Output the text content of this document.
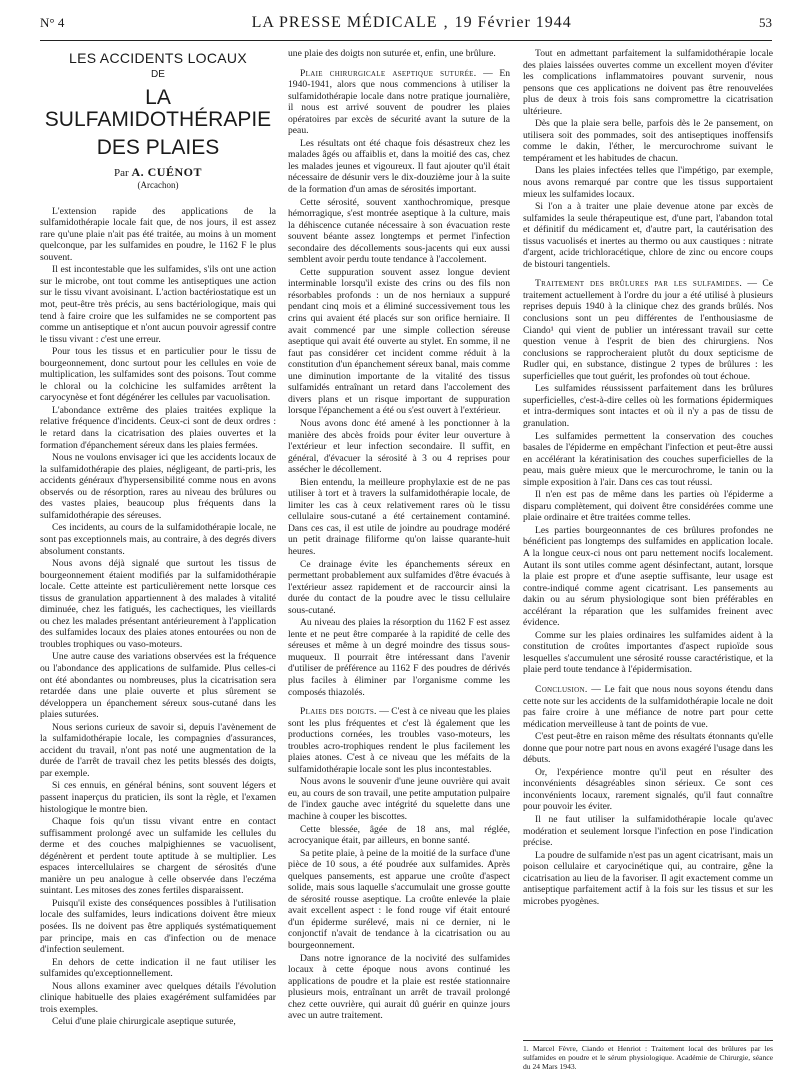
N° 4	LA PRESSE MÉDICALE , 19 Février 1944	53
LES ACCIDENTS LOCAUX
DE
LA SULFAMIDOTHÉRAPIE
DES PLAIES
Par A. CUÉNOT
(Arcachon)

L'extension rapide des applications de la sulfamidothérapie locale fait que, de nos jours, il est assez rare qu'une plaie n'ait pas été traitée, au moins à un moment quelconque, par les sulfamides en poudre, le 1162 F le plus souvent.

Il est incontestable que les sulfamides, s'ils ont une action sur le microbe, ont tout comme les antiseptiques une action sur le tissu vivant avoisinant. L'action bactériostatique est un mot, peut-être très précis, au sens bactériologique, mais qui tend à faire croire que les sulfamides ne se comportent pas comme un antiseptique et n'ont aucun pouvoir agressif contre le tissu vivant : c'est une erreur.

Pour tous les tissus et en particulier pour le tissu de bourgeonnement, donc surtout pour les cellules en voie de multiplication, les sulfamides sont des poisons. Tout comme le chloral ou la colchicine les sulfamides arrêtent la caryocynèse et font dégénérer les cellules par vacuolisation.

L'abondance extrême des plaies traitées explique la relative fréquence d'incidents. Ceux-ci sont de deux ordres : le retard dans la cicatrisation des plaies ouvertes et la formation d'épanchement séreux dans les plaies fermées.

Nous ne voulons envisager ici que les accidents locaux de la sulfamidothérapie des plaies, négligeant, de parti-pris, les accidents généraux d'hypersensibilité comme nous en avons observés ou de résorption, rares au niveau des brûlures ou des vastes plaies, beaucoup plus fréquents dans la sulfamidothérapie des séreuses.

Ces incidents, au cours de la sulfamidothérapie locale, ne sont pas exceptionnels mais, au contraire, à des degrés divers absolument constants.

Nous avons déjà signalé que surtout les tissus de bourgeonnement étaient modifiés par la sulfamidothérapie locale. Cette atteinte est particulièrement nette lorsque ces tissus de granulation appartiennent à des malades à vitalité diminuée, chez les fatigués, les cachectiques, les vieillards ou chez les malades présentant antérieurement à l'application des sulfamides locaux des plaies atones entourées ou non de troubles trophiques ou vaso-moteurs.

Une autre cause des variations observées est la fréquence ou l'abondance des applications de sulfamide. Plus celles-ci ont été abondantes ou nombreuses, plus la cicatrisation sera retardée dans une plaie ouverte et plus sûrement se développera un épanchement séreux sous-cutané dans les plaies suturées.

Nous serions curieux de savoir si, depuis l'avènement de la sulfamidothérapie locale, les compagnies d'assurances, accident du travail, n'ont pas noté une augmentation de la durée de l'arrêt de travail chez les petits blessés des doigts, par exemple.

Si ces ennuis, en général bénins, sont souvent légers et passent inaperçus du praticien, ils sont la règle, et l'examen histologique le montre bien.

Chaque fois qu'un tissu vivant entre en contact suffisamment prolongé avec un sulfamide les cellules du derme et des couches malpighiennes se vacuolisent, dégénèrent et perdent toute aptitude à se multiplier. Les espaces intercellulaires se chargent de sérosités d'une manière un peu analogue à celle observée dans l'eczéma suintant. Les mitoses des zones fertiles disparaissent.

Puisqu'il existe des conséquences possibles à l'utilisation locale des sulfamides, leurs indications doivent être mieux posées. Ils ne doivent pas être appliqués systématiquement par principe, mais en cas d'infection ou de menace d'infection seulement.

En dehors de cette indication il ne faut utiliser les sulfamides qu'exceptionnellement.

Nous allons examiner avec quelques détails l'évolution clinique habituelle des plaies exagérément sulfamidées par trois exemples.

Celui d'une plaie chirurgicale aseptique suturée,

une plaie des doigts non suturée et, enfin, une brûlure.

Plaie chirurgicale aseptique suturée. — En 1940-1941, alors que nous commencions à utiliser la sulfamidothérapie locale dans notre pratique journalière, il nous est arrivé souvent de poudrer les plaies opératoires par excès de sécurité avant la suture de la peau.

Les résultats ont été chaque fois désastreux chez les malades âgés ou affaiblis et, dans la moitié des cas, chez les malades jeunes et vigoureux. Il faut ajouter qu'il était nécessaire de désunir vers le dix-douzième jour à la suite de la formation d'un amas de sérosités important.

Cette sérosité, souvent xanthochromique, presque hémorragique, s'est montrée aseptique à la culture, mais la déhiscence cutanée nécessaire à son évacuation reste souvent béante assez longtemps et permet l'infection secondaire des décollements sous-jacents qui eux aussi semblent avoir perdu toute tendance à l'accolement.

Cette suppuration souvent assez longue devient interminable lorsqu'il existe des crins ou des fils non résorbables profonds : un de nos herniaux a suppuré pendant cinq mois et a éliminé successivement tous les crins qui avaient été placés sur son orifice herniaire. Il avait commencé par une simple collection séreuse aseptique qui avait été ouverte au stylet. En somme, il ne faut pas considérer cet incident comme réduit à la constitution d'un épanchement séreux banal, mais comme une diminution importante de la vitalité des tissus sulfamidés entraînant un retard dans l'accolement des divers plans et un risque important de suppuration lorsque l'épanchement a été ou s'est ouvert à l'extérieur.

Nous avons donc été amené à les ponctionner à la manière des abcès froids pour éviter leur ouverture à l'extérieur et leur infection secondaire. Il suffit, en général, d'évacuer la sérosité à 3 ou 4 reprises pour assécher le décollement.

Bien entendu, la meilleure prophylaxie est de ne pas utiliser à tort et à travers la sulfamidothérapie locale, de limiter les cas à ceux relativement rares où le tissu cellulaire sous-cutané a été certainement contaminé. Dans ces cas, il est utile de joindre au poudrage modéré un petit drainage filiforme qu'on laisse quarante-huit heures.

Ce drainage évite les épanchements séreux en permettant probablement aux sulfamides d'être évacués à l'extérieur assez rapidement et de raccourcir ainsi la durée du contact de la poudre avec le tissu cellulaire sous-cutané.

Au niveau des plaies la résorption du 1162 F est assez lente et ne peut être comparée à la rapidité de celle des séreuses et même à un degré moindre des tissus sous-muqueux. Il pourrait être intéressant dans l'avenir d'utiliser de préférence au 1162 F des poudres de dérivés plus faciles à éliminer par l'organisme comme les composés thiazolés.

Plaies des doigts. — C'est à ce niveau que les plaies sont les plus fréquentes et c'est là également que les productions cornées, les troubles vaso-moteurs, les troubles acro-trophiques rendent le plus facilement les plaies atones. C'est à ce niveau que les méfaits de la sulfamidothérapie locale sont les plus incontestables.

Nous avons le souvenir d'une jeune ouvrière qui avait eu, au cours de son travail, une petite amputation pulpaire de l'index gauche avec intégrité du squelette dans une machine à couper les biscottes.

Cette blessée, âgée de 18 ans, mal réglée, acrocyanique était, par ailleurs, en bonne santé.

Sa petite plaie, à peine de la moitié de la surface d'une pièce de 10 sous, a été poudrée aux sulfamides. Après quelques pansements, est apparue une croûte d'aspect solide, mais sous laquelle s'accumulait une grosse goutte de sérosité rousse aseptique. La croûte enlevée la plaie avait excellent aspect : le fond rouge vif était entouré d'un épiderme surélevé, mais ni ce dernier, ni le conjonctif n'avait de tendance à la cicatrisation ou au bourgeonnement.

Dans notre ignorance de la nocivité des sulfamides locaux à cette époque nous avons continué les applications de poudre et la plaie est restée stationnaire plusieurs mois, entraînant un arrêt de travail prolongé chez cette ouvrière, qui aurait dû guérir en quinze jours avec un autre traitement.

Tout en admettant parfaitement la sulfamidothérapie locale des plaies laissées ouvertes comme un excellent moyen d'éviter les complications inflammatoires pouvant survenir, nous pensons que ces applications ne doivent pas être renouvelées plus de deux à trois fois sans compromettre la cicatrisation ultérieure.

Dès que la plaie sera belle, parfois dès le 2e pansement, on utilisera soit des pommades, soit des antiseptiques inoffensifs comme le dakin, l'éther, le mercurochrome suivant le tempérament et les habitudes de chacun.

Dans les plaies infectées telles que l'impétigo, par exemple, nous avons remarqué par contre que les tissus supportaient mieux les sulfamides locaux.

Si l'on a à traiter une plaie devenue atone par excès de sulfamides la seule thérapeutique est, d'une part, l'abandon total et définitif du médicament et, d'autre part, la cautérisation des tissus vacuolisés et inertes au thermo ou aux caustiques : nitrate d'argent, acide trichloracétique, chlore de zinc ou encore coups de bistouri tangentiels.

Traitement des brûlures par les sulfamides. — Ce traitement actuellement à l'ordre du jour a été utilisé à plusieurs reprises depuis 1940 à la clinique chez des grands brûlés. Nos conclusions sont un peu différentes de l'enthousiasme de Ciando¹ qui vient de publier un intéressant travail sur cette question venue à l'esprit de bien des chirurgiens. Nos conclusions se rapprocheraient plutôt du doux septicisme de Rudler qui, en substance, distingue 2 types de brûlures : les superficielles que tout guérit, les profondes où tout échoue.

Les sulfamides réussissent parfaitement dans les brûlures superficielles, c'est-à-dire celles où les formations épidermiques et intra-dermiques sont intactes et où il n'y a pas de tissu de granulation.

Les sulfamides permettent la conservation des couches basales de l'épiderme en empêchant l'infection et peut-être aussi en accélérant la kératinisation des couches superficielles de la peau, mais guère mieux que le mercurochrome, le tanin ou la simple exposition à l'air. Dans ces cas tout réussi.

Il n'en est pas de même dans les parties où l'épiderme a disparu complètement, qui doivent être considérées comme une plaie ordinaire et être traitées comme telles.

Les parties bourgeonnantes de ces brûlures profondes ne bénéficient pas longtemps des sulfamides en application locale. A la longue ceux-ci nous ont paru nettement nocifs localement. Autant ils sont utiles comme agent désinfectant, autant, lorsque la plaie est propre et d'une aseptie suffisante, leur usage est contre-indiqué comme agent cicatrisant. Les pansements au dakin ou au sérum physiologique sont bien préférables en accélérant la réparation que les sulfamides freinent avec évidence.

Comme sur les plaies ordinaires les sulfamides aident à la constitution de croûtes importantes d'aspect rupioïde sous lesquelles s'accumulent une sérosité rousse caractéristique, et la plaie perd toute tendance à l'épidermisation.

Conclusion. — Le fait que nous nous soyons étendu dans cette note sur les accidents de la sulfamidothérapie locale ne doit pas faire croire à une méfiance de notre part pour cette médication merveilleuse à tant de points de vue.

C'est peut-être en raison même des résultats étonnants qu'elle donne que pour notre part nous en avons exagéré l'usage dans les débuts.

Or, l'expérience montre qu'il peut en résulter des inconvénients désagréables sinon sérieux. Ce sont ces inconvénients locaux, rarement signalés, qu'il faut connaître pour pouvoir les éviter.

Il ne faut utiliser la sulfamidothérapie locale qu'avec modération et seulement lorsque l'infection en pose l'indication précise.

La poudre de sulfamide n'est pas un agent cicatrisant, mais un poison cellulaire et caryocinétique qui, au contraire, gêne la cicatrisation au lieu de la favoriser. Il agit exactement comme un antiseptique parfaitement actif à la fois sur les tissus et sur les microbes pyogènes.

1. Marcel Fèvre, Ciando et Henriot : Traitement local des brûlures par les sulfamides en poudre et le sérum physiologique. Académie de Chirurgie, séance du 24 Mars 1943.
